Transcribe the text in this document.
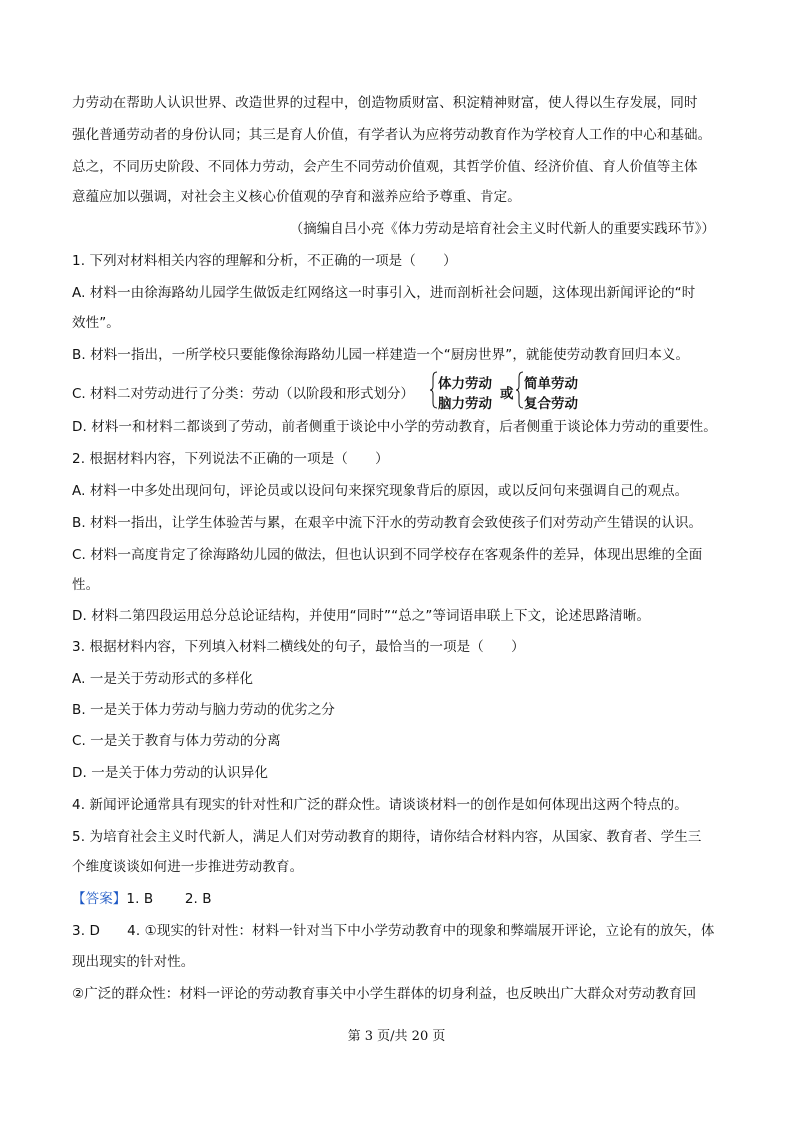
力劳动在帮助人认识世界、改造世界的过程中，创造物质财富、积淀精神财富，使人得以生存发展，同时
强化普通劳动者的身份认同；其三是育人价值，有学者认为应将劳动教育作为学校育人工作的中心和基础。
总之，不同历史阶段、不同体力劳动，会产生不同劳动价值观，其哲学价值、经济价值、育人价值等主体
意蕴应加以强调，对社会主义核心价值观的孕育和滋养应给予尊重、肯定。
（摘编自吕小亮《体力劳动是培育社会主义时代新人的重要实践环节》）
1. 下列对材料相关内容的理解和分析，不正确的一项是（　　）
A. 材料一由徐海路幼儿园学生做饭走红网络这一时事引入，进而剖析社会问题，这体现出新闻评论的“时
效性”。
B. 材料一指出，一所学校只要能像徐海路幼儿园一样建造一个“厨房世界”，就能使劳动教育回归本义。
C. 材料二对劳动进行了分类：劳动（以阶段和形式划分）
体力劳动
脑力劳动
或
简单劳动
复合劳动
D. 材料一和材料二都谈到了劳动，前者侧重于谈论中小学的劳动教育，后者侧重于谈论体力劳动的重要性。
2. 根据材料内容，下列说法不正确的一项是（　　）
A. 材料一中多处出现问句，评论员或以设问句来探究现象背后的原因，或以反问句来强调自己的观点。
B. 材料一指出，让学生体验苦与累，在艰辛中流下汗水的劳动教育会致使孩子们对劳动产生错误的认识。
C. 材料一高度肯定了徐海路幼儿园的做法，但也认识到不同学校存在客观条件的差异，体现出思维的全面
性。
D. 材料二第四段运用总分总论证结构，并使用“同时”“总之”等词语串联上下文，论述思路清晰。
3. 根据材料内容，下列填入材料二横线处的句子，最恰当的一项是（　　）
A. 一是关于劳动形式的多样化
B. 一是关于体力劳动与脑力劳动的优劣之分
C. 一是关于教育与体力劳动的分离
D. 一是关于体力劳动的认识异化
4. 新闻评论通常具有现实的针对性和广泛的群众性。请谈谈材料一的创作是如何体现出这两个特点的。
5. 为培育社会主义时代新人，满足人们对劳动教育的期待，请你结合材料内容，从国家、教育者、学生三
个维度谈谈如何进一步推进劳动教育。
【答案】1. B　　 2. B
3. D　　4. ①现实的针对性：材料一针对当下中小学劳动教育中的现象和弊端展开评论，立论有的放矢，体
现出现实的针对性。
②广泛的群众性：材料一评论的劳动教育事关中小学生群体的切身利益，也反映出广大群众对劳动教育回
第 3 页/共 20 页
